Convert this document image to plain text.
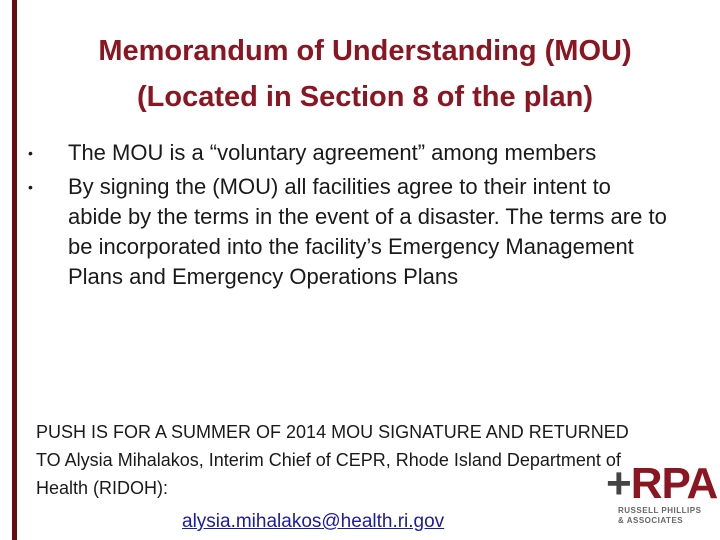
Memorandum of Understanding (MOU)
(Located in Section 8 of the plan)
• The MOU is a “voluntary agreement” among members
• By signing the (MOU) all facilities agree to their intent to abide by the terms in the event of a disaster. The terms are to be incorporated into the facility’s Emergency Management Plans and Emergency Operations Plans

PUSH IS FOR A SUMMER OF 2014 MOU SIGNATURE AND RETURNED TO Alysia Mihalakos, Interim Chief of CEPR, Rhode Island Department of Health (RIDOH):

alysia.mihalakos@health.ri.gov
+RPA
RUSSELL PHILLIPS
& ASSOCIATES
